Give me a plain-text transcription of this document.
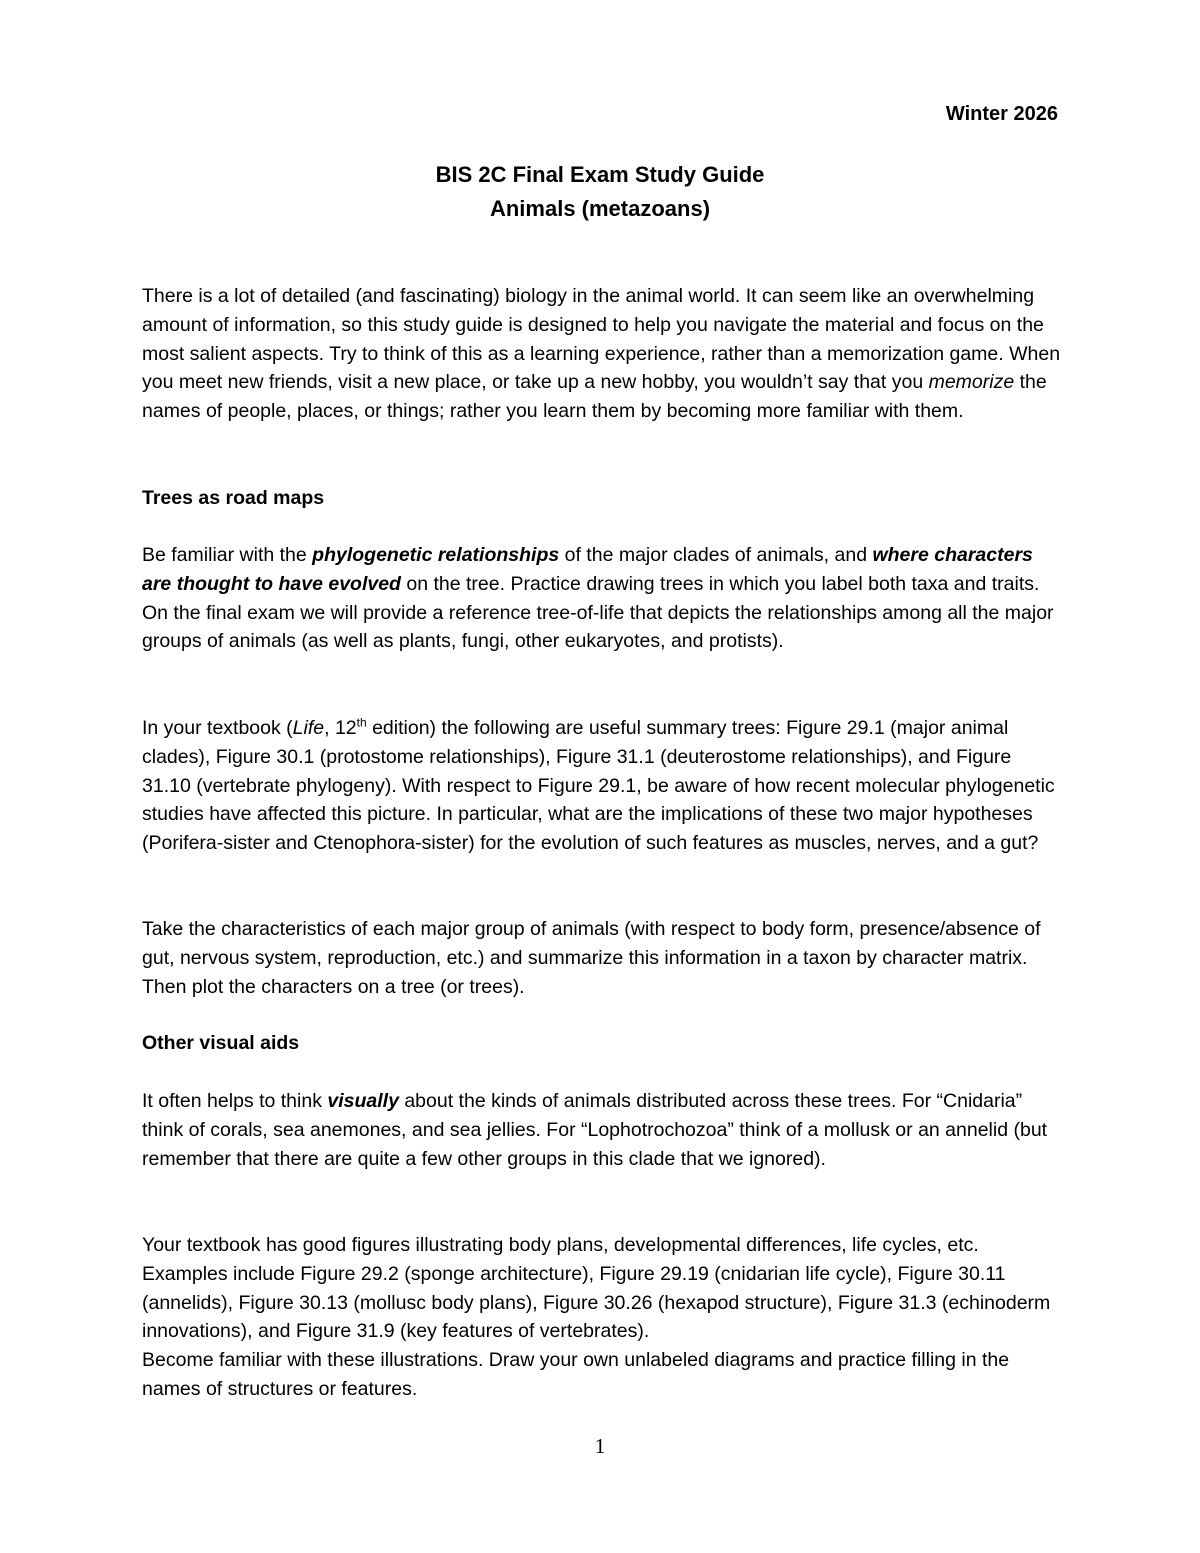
Winter 2026
BIS 2C Final Exam Study Guide
Animals (metazoans)

There is a lot of detailed (and fascinating) biology in the animal world. It can seem like an overwhelming amount of information, so this study guide is designed to help you navigate the material and focus on the most salient aspects. Try to think of this as a learning experience, rather than a memorization game. When you meet new friends, visit a new place, or take up a new hobby, you wouldn’t say that you memorize the names of people, places, or things; rather you learn them by becoming more familiar with them.

Trees as road maps

Be familiar with the phylogenetic relationships of the major clades of animals, and where characters are thought to have evolved on the tree. Practice drawing trees in which you label both taxa and traits. On the final exam we will provide a reference tree-of-life that depicts the relationships among all the major groups of animals (as well as plants, fungi, other eukaryotes, and protists).

In your textbook (Life, 12th edition) the following are useful summary trees: Figure 29.1 (major animal clades), Figure 30.1 (protostome relationships), Figure 31.1 (deuterostome relationships), and Figure 31.10 (vertebrate phylogeny). With respect to Figure 29.1, be aware of how recent molecular phylogenetic studies have affected this picture. In particular, what are the implications of these two major hypotheses (Porifera-sister and Ctenophora-sister) for the evolution of such features as muscles, nerves, and a gut?

Take the characteristics of each major group of animals (with respect to body form, presence/absence of gut, nervous system, reproduction, etc.) and summarize this information in a taxon by character matrix. Then plot the characters on a tree (or trees).

Other visual aids

It often helps to think visually about the kinds of animals distributed across these trees. For “Cnidaria” think of corals, sea anemones, and sea jellies. For “Lophotrochozoa” think of a mollusk or an annelid (but remember that there are quite a few other groups in this clade that we ignored).

Your textbook has good figures illustrating body plans, developmental differences, life cycles, etc. Examples include Figure 29.2 (sponge architecture), Figure 29.19 (cnidarian life cycle), Figure 30.11 (annelids), Figure 30.13 (mollusc body plans), Figure 30.26 (hexapod structure), Figure 31.3 (echinoderm innovations), and Figure 31.9 (key features of vertebrates).
Become familiar with these illustrations. Draw your own unlabeled diagrams and practice filling in the names of structures or features.

1
